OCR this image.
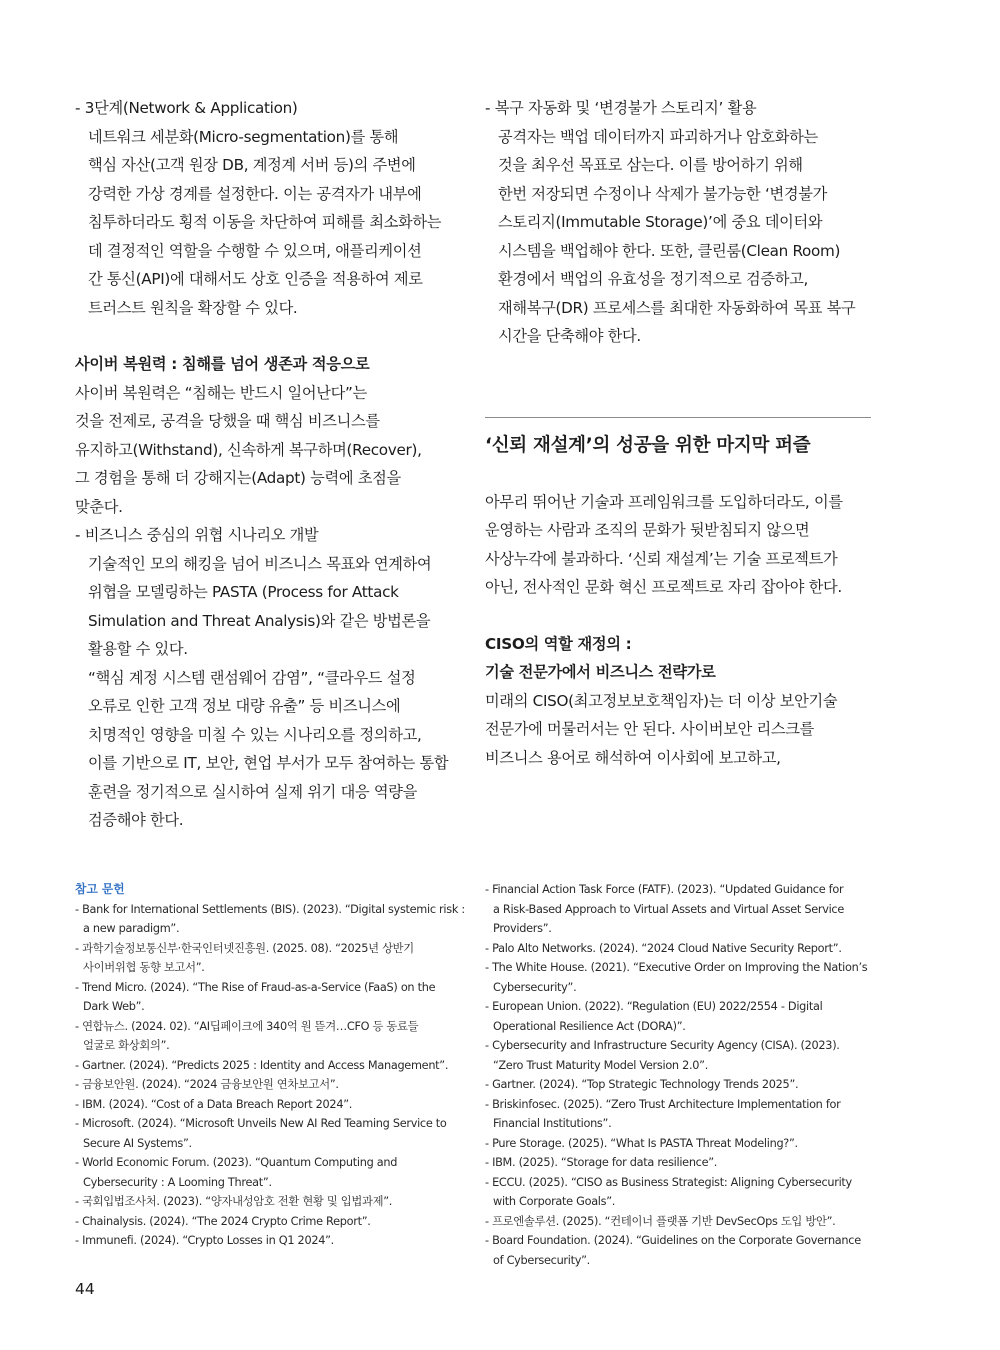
- 3단계(Network & Application)
네트워크 세분화(Micro-segmentation)를 통해
핵심 자산(고객 원장 DB, 계정계 서버 등)의 주변에
강력한 가상 경계를 설정한다. 이는 공격자가 내부에
침투하더라도 횡적 이동을 차단하여 피해를 최소화하는
데 결정적인 역할을 수행할 수 있으며, 애플리케이션
간 통신(API)에 대해서도 상호 인증을 적용하여 제로
트러스트 원칙을 확장할 수 있다.
사이버 복원력 : 침해를 넘어 생존과 적응으로
사이버 복원력은 “침해는 반드시 일어난다”는
것을 전제로, 공격을 당했을 때 핵심 비즈니스를
유지하고(Withstand), 신속하게 복구하며(Recover),
그 경험을 통해 더 강해지는(Adapt) 능력에 초점을
맞춘다.
- 비즈니스 중심의 위협 시나리오 개발
기술적인 모의 해킹을 넘어 비즈니스 목표와 연계하여
위협을 모델링하는 PASTA (Process for Attack
Simulation and Threat Analysis)와 같은 방법론을
활용할 수 있다.
“핵심 계정 시스템 랜섬웨어 감염”, “클라우드 설정
오류로 인한 고객 정보 대량 유출” 등 비즈니스에
치명적인 영향을 미칠 수 있는 시나리오를 정의하고,
이를 기반으로 IT, 보안, 현업 부서가 모두 참여하는 통합
훈련을 정기적으로 실시하여 실제 위기 대응 역량을
검증해야 한다.
- 복구 자동화 및 ‘변경불가 스토리지’ 활용
공격자는 백업 데이터까지 파괴하거나 암호화하는
것을 최우선 목표로 삼는다. 이를 방어하기 위해
한번 저장되면 수정이나 삭제가 불가능한 ‘변경불가
스토리지(Immutable Storage)’에 중요 데이터와
시스템을 백업해야 한다. 또한, 클린룸(Clean Room)
환경에서 백업의 유효성을 정기적으로 검증하고,
재해복구(DR) 프로세스를 최대한 자동화하여 목표 복구
시간을 단축해야 한다.
‘신뢰 재설계’의 성공을 위한 마지막 퍼즐
아무리 뛰어난 기술과 프레임워크를 도입하더라도, 이를
운영하는 사람과 조직의 문화가 뒷받침되지 않으면
사상누각에 불과하다. ‘신뢰 재설계’는 기술 프로젝트가
아닌, 전사적인 문화 혁신 프로젝트로 자리 잡아야 한다.
CISO의 역할 재정의 :
기술 전문가에서 비즈니스 전략가로
미래의 CISO(최고정보보호책임자)는 더 이상 보안기술
전문가에 머물러서는 안 된다. 사이버보안 리스크를
비즈니스 용어로 해석하여 이사회에 보고하고,
참고 문헌
- Bank for International Settlements (BIS). (2023). “Digital systemic risk :
a new paradigm”.
- 과학기술정보통신부·한국인터넷진흥원. (2025. 08). “2025년 상반기
사이버위협 동향 보고서”.
- Trend Micro. (2024). “The Rise of Fraud-as-a-Service (FaaS) on the
Dark Web”.
- 연합뉴스. (2024. 02). “AI딥페이크에 340억 원 뜯겨…CFO 등 동료들
얼굴로 화상회의”.
- Gartner. (2024). “Predicts 2025 : Identity and Access Management”.
- 금융보안원. (2024). “2024 금융보안원 연차보고서”.
- IBM. (2024). “Cost of a Data Breach Report 2024”.
- Microsoft. (2024). “Microsoft Unveils New AI Red Teaming Service to
Secure AI Systems”.
- World Economic Forum. (2023). “Quantum Computing and
Cybersecurity : A Looming Threat”.
- 국회입법조사처. (2023). “양자내성암호 전환 현황 및 입법과제”.
- Chainalysis. (2024). “The 2024 Crypto Crime Report”.
- Immunefi. (2024). “Crypto Losses in Q1 2024”.
- Financial Action Task Force (FATF). (2023). “Updated Guidance for
a Risk-Based Approach to Virtual Assets and Virtual Asset Service
Providers”.
- Palo Alto Networks. (2024). “2024 Cloud Native Security Report”.
- The White House. (2021). “Executive Order on Improving the Nation’s
Cybersecurity”.
- European Union. (2022). “Regulation (EU) 2022/2554 - Digital
Operational Resilience Act (DORA)”.
- Cybersecurity and Infrastructure Security Agency (CISA). (2023).
“Zero Trust Maturity Model Version 2.0”.
- Gartner. (2024). “Top Strategic Technology Trends 2025”.
- Briskinfosec. (2025). “Zero Trust Architecture Implementation for
Financial Institutions”.
- Pure Storage. (2025). “What Is PASTA Threat Modeling?”.
- IBM. (2025). “Storage for data resilience”.
- ECCU. (2025). “CISO as Business Strategist: Aligning Cybersecurity
with Corporate Goals”.
- 프로엔솔루션. (2025). “컨테이너 플랫폼 기반 DevSecOps 도입 방안”.
- Board Foundation. (2024). “Guidelines on the Corporate Governance
of Cybersecurity”.
44
